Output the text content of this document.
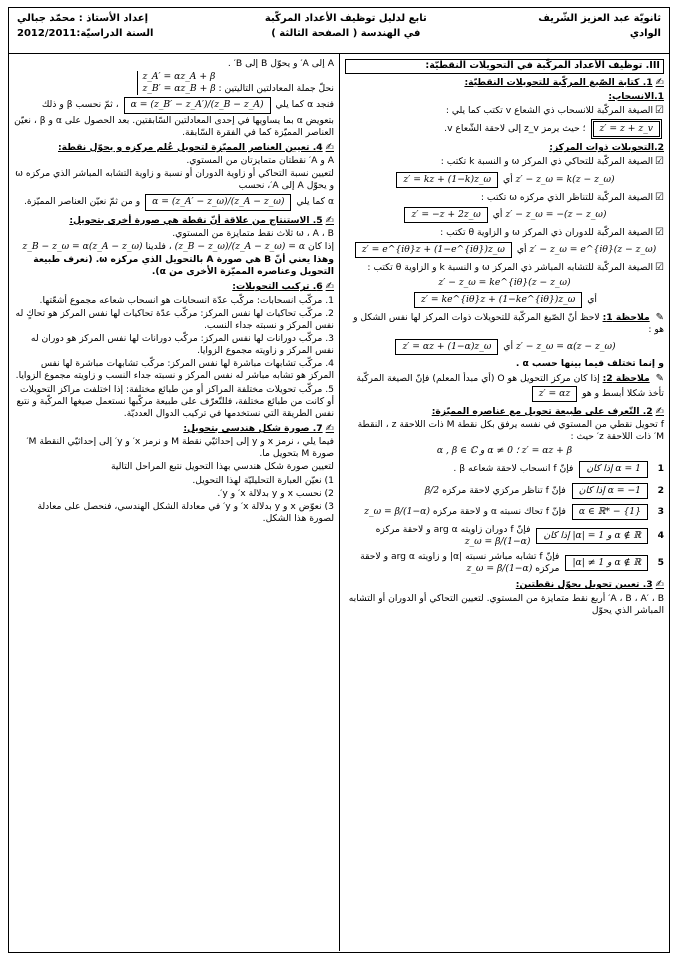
ثانويّة عبد العزيز الشّريف
الوادي
تابع لدليل توظيف الأعداد المركّبة
في الهندسة ( الصفحة الثالثة )
إعداد الأستاذ : محمّد جبالي
السنة الدراسيّة:2012/2011
III. توظيف الأعداد المركّبة في التحويلات النقطيّة:
✍1. كتابة الصّيغ المركّبة للتحويلات النقطيّة:
1.الانسحاب:
☑ الصيغة المركّبة للانسحاب ذي الشعاع v تكتب كما يلي :
z′ = z + z_v ؛ حيث يرمز z_v إلى لاحقة الشّعاع v.
2.التحويلات ذوات المركز:
☑ الصيغة المركّبة للتحاكي ذي المركز ω و النسبة k تكتب :
z′ − z_ω = k(z − z_ω) أي z′ = kz + (1−k)z_ω
☑ الصيغة المركّبة للتناظر الذي مركزه ω تكتب :
z′ − z_ω = −(z − z_ω) أي z′ = −z + 2z_ω
☑ الصيغة المركّبة للدوران ذي المركز ω و الزاوية θ تكتب :
z′ − z_ω = e^{iθ}(z − z_ω) أي z′ = e^{iθ}z + (1−e^{iθ})z_ω
☑ الصيغة المركّبة للتشابه المباشر ذي المركز ω و النسبة k و الزاوية θ تكتب :
z′ − z_ω = ke^{iθ}(z − z_ω)
أي z′ = ke^{iθ}z + (1−ke^{iθ})z_ω
✎ ملاحظة 1: لاحظ أنّ الصّيغ المركّبة للتحويلات ذوات المركز لها نفس الشكل و هو :
z′ − z_ω = α(z − z_ω) أي z′ = αz + (1−α)z_ω
و إنما تختلف فيما بينها حسب α .
✎ ملاحظة 2: إذا كان مركز التحويل هو O (أي مبدأ المعلم) فإنّ الصيغة المركّبة تأخذ شكلا أبسط و هو z′ = αz
✍2. التّعرف على طبيعة تحويل مع عناصره المميّزة:
f تحويل نقطي من المستوي في نفسه يرفق بكل نقطة M ذات اللاحقة z ، النقطة M′ ذات اللاحقة z′ حيث :
α , β ∈ ℂ و α ≠ 0 ؛ z′ = αz + β
1
إذا كان α = 1
فإنّ f انسحاب لاحقة شعاعه β .
2
إذا كان α = −1
فإنّ f تناظر مركزي لاحقة مركزه β/2
3
α ∈ ℝ* − {1}
فإنّ f تحاك نسبته α و لاحقة مركزه z_ω = β/(1−α)
4
إذا كان |α| = 1 و α ∉ ℝ
فإنّ f دوران زاويته arg α و لاحقة مركزه z_ω = β/(1−α)
5
|α| ≠ 1 و α ∉ ℝ
فإنّ f تشابه مباشر نسبته |α| و زاويته arg α و لاحقة مركزه z_ω = β/(1−α)
✍3. تعيين تحويل يحوّل نقطتين:
A ، B ، A′ ، B′ أربع نقط متمايزة من المستوي. لتعيين التحاكي أو الدوران أو التشابه المباشر الذي يحوّل
A إلى A′ و يحوّل B إلى B′ .
نحلّ جملة المعادلتين التاليتين : z_A′ = αz_A + β
z_B′ = αz_B + β
فنجد α كما يلي α = (z_B′ − z_A′)/(z_B − z_A) ، ثمّ نحسب β و ذلك بتعويض α بما يساويها في إحدى المعادلتين السّابقتين. بعد الحصول على α و β ، نعيّن العناصر المميّزة كما في الفقرة السّابقة.
✍4. تعيين العناصر المميّزة لتحويل عُلم مركزه و يحوّل نقطة:
A و A′ نقطتان متمايزتان من المستوي.
لتعيين نسبة التحاكي أو زاوية الدوران أو نسبة و زاوية التشابه المباشر الذي مركزه ω و يحوّل A إلى A′، نحسب
α كما يلي α = (z_A′ − z_ω)/(z_A − z_ω) و من ثمّ نعيّن العناصر المميّزة.
✍5. الاستنتاج من علاقة أنّ نقطة هي صورة أخرى بتحويل:
ω ، A ، B ثلاث نقط متمايزة من المستوي.
إذا كان (z_B − z_ω)/(z_A − z_ω) = α ، فلدينا z_B − z_ω = α(z_A − z_ω)
وهذا يعني أنّ B هي صورة A بالتحويل الذي مركزه ω. (نعرف طبيعة التحويل وعناصره المميّزة الأخرى من α).
✍6. تركيب التحويلات:
1. مركّب انسحابات: مركّب عدّة انسحابات هو انسحاب شعاعه مجموع أشعّتها.
2. مركّب تحاكيات لها نفس المركز: مركّب عدّة تحاكيات لها نفس المركز هو تحاكٍ له نفس المركز و نسبته جداء النسب.
3. مركّب دورانات لها نفس المركز: مركّب دورانات لها نفس المركز هو دوران له نفس المركز و زاويته مجموع الزوايا.
4. مركّب تشابهات مباشرة لها نفس المركز: مركّب تشابهات مباشرة لها نفس المركز هو تشابه مباشر له نفس المركز و نسبته جداء النسب و زاويته مجموع الزوايا.
5. مركّب تحويلات مختلفة المراكز أو من طبائع مختلفة: إذا اختلفت مراكز التحويلات أو كانت من طبائع مختلفة، فللتّعرّف على طبيعة مركّبها نستعمل صيغها المركّبة و نتبع نفس الطريقة التي نستخدمها في تركيب الدوال العدديّة.
✍7. صورة شكل هندسي بتحويل:
فيما يلي ، نرمز x و y إلى إحداثيّي نقطة M و نرمز x′ و y′ إلى إحداثيّي النقطة M′ صورة M بتحويل ما.
لتعيين صورة شكل هندسي بهذا التحويل نتبع المراحل التالية
1) نعيّن العبارة التحليليّة لهذا التحويل.
2) نحسب x و y بدلالة x′ و y′.
3) نعوّض x و y بدلالة x′ و y′ في معادلة الشكل الهندسي، فنحصل على معادلة لصورة هذا الشكل.
